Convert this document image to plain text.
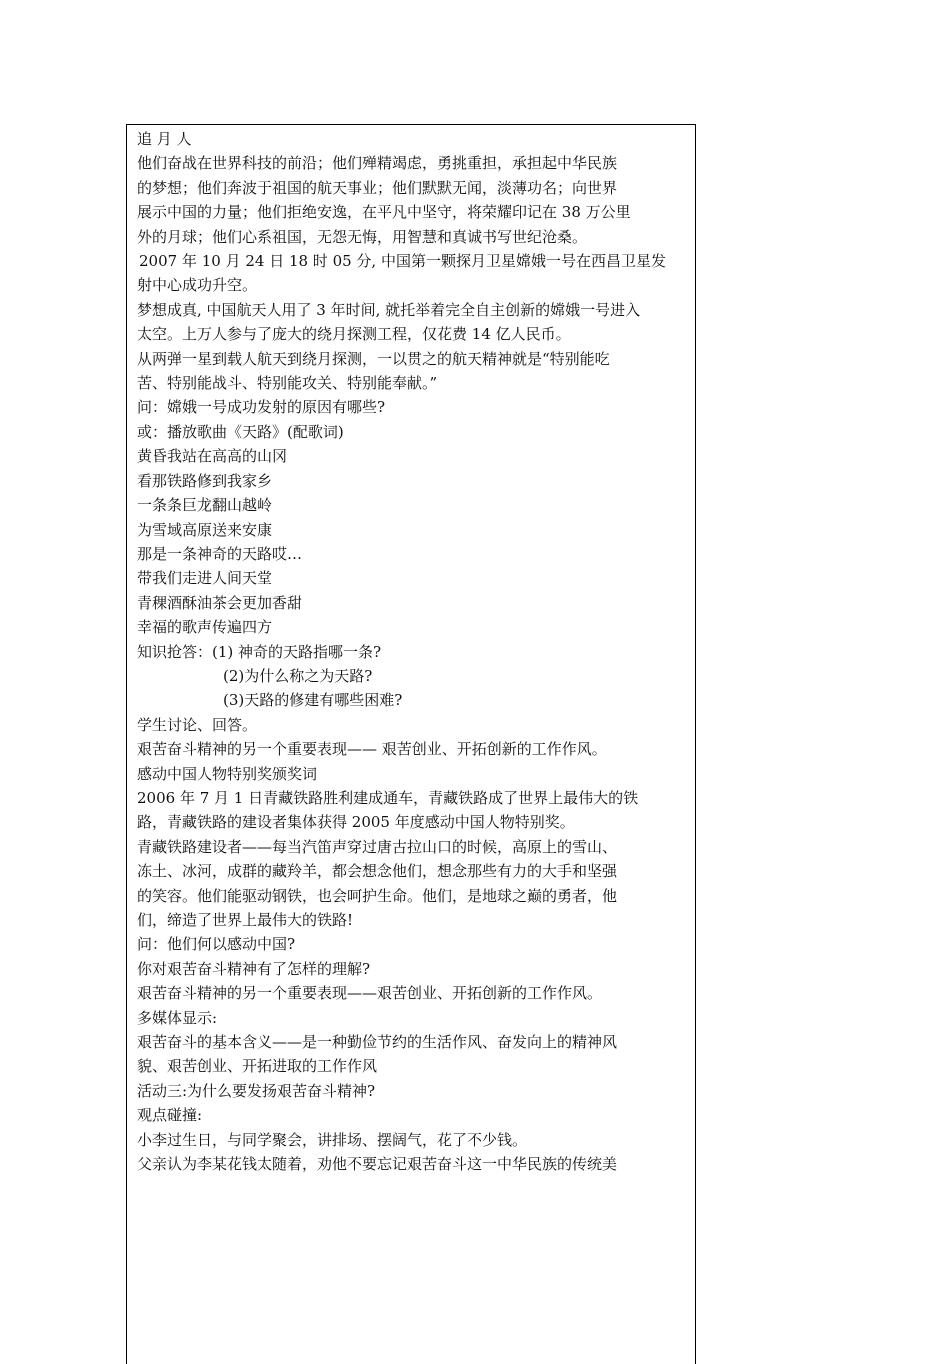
追 月 人
他们奋战在世界科技的前沿；他们殚精竭虑，勇挑重担，承担起中华民族
的梦想；他们奔波于祖国的航天事业；他们默默无闻，淡薄功名；向世界
展示中国的力量；他们拒绝安逸，在平凡中坚守，将荣耀印记在 38 万公里
外的月球；他们心系祖国，无怨无悔，用智慧和真诚书写世纪沧桑。
2007 年 10 月 24 日 18 时 05 分, 中国第一颗探月卫星嫦娥一号在西昌卫星发
射中心成功升空。
梦想成真, 中国航天人用了 3 年时间, 就托举着完全自主创新的嫦娥一号进入
太空。上万人参与了庞大的绕月探测工程，仅花费 14 亿人民币。
从两弹一星到载人航天到绕月探测，一以贯之的航天精神就是“特别能吃
苦、特别能战斗、特别能攻关、特别能奉献。”
问：嫦娥一号成功发射的原因有哪些?
或：播放歌曲《天路》(配歌词)
黄昏我站在高高的山冈
看那铁路修到我家乡
一条条巨龙翻山越岭
为雪域高原送来安康
那是一条神奇的天路哎…
带我们走进人间天堂
青稞酒酥油茶会更加香甜
幸福的歌声传遍四方
知识抢答：(1) 神奇的天路指哪一条?
(2)为什么称之为天路?
(3)天路的修建有哪些困难?
学生讨论、回答。
艰苦奋斗精神的另一个重要表现—— 艰苦创业、开拓创新的工作作风。
感动中国人物特别奖颁奖词
2006 年 7 月 1 日青藏铁路胜利建成通车，青藏铁路成了世界上最伟大的铁
路，青藏铁路的建设者集体获得 2005 年度感动中国人物特别奖。
青藏铁路建设者——每当汽笛声穿过唐古拉山口的时候，高原上的雪山、
冻土、冰河，成群的藏羚羊，都会想念他们，想念那些有力的大手和坚强
的笑容。他们能驱动钢铁，也会呵护生命。他们，是地球之巅的勇者，他
们，缔造了世界上最伟大的铁路!
问：他们何以感动中国?
你对艰苦奋斗精神有了怎样的理解?
艰苦奋斗精神的另一个重要表现——艰苦创业、开拓创新的工作作风。
多媒体显示:
艰苦奋斗的基本含义——是一种勤俭节约的生活作风、奋发向上的精神风
貌、艰苦创业、开拓进取的工作作风
活动三:为什么要发扬艰苦奋斗精神?
观点碰撞:
小李过生日，与同学聚会，讲排场、摆阔气，花了不少钱。
父亲认为李某花钱太随着，劝他不要忘记艰苦奋斗这一中华民族的传统美
